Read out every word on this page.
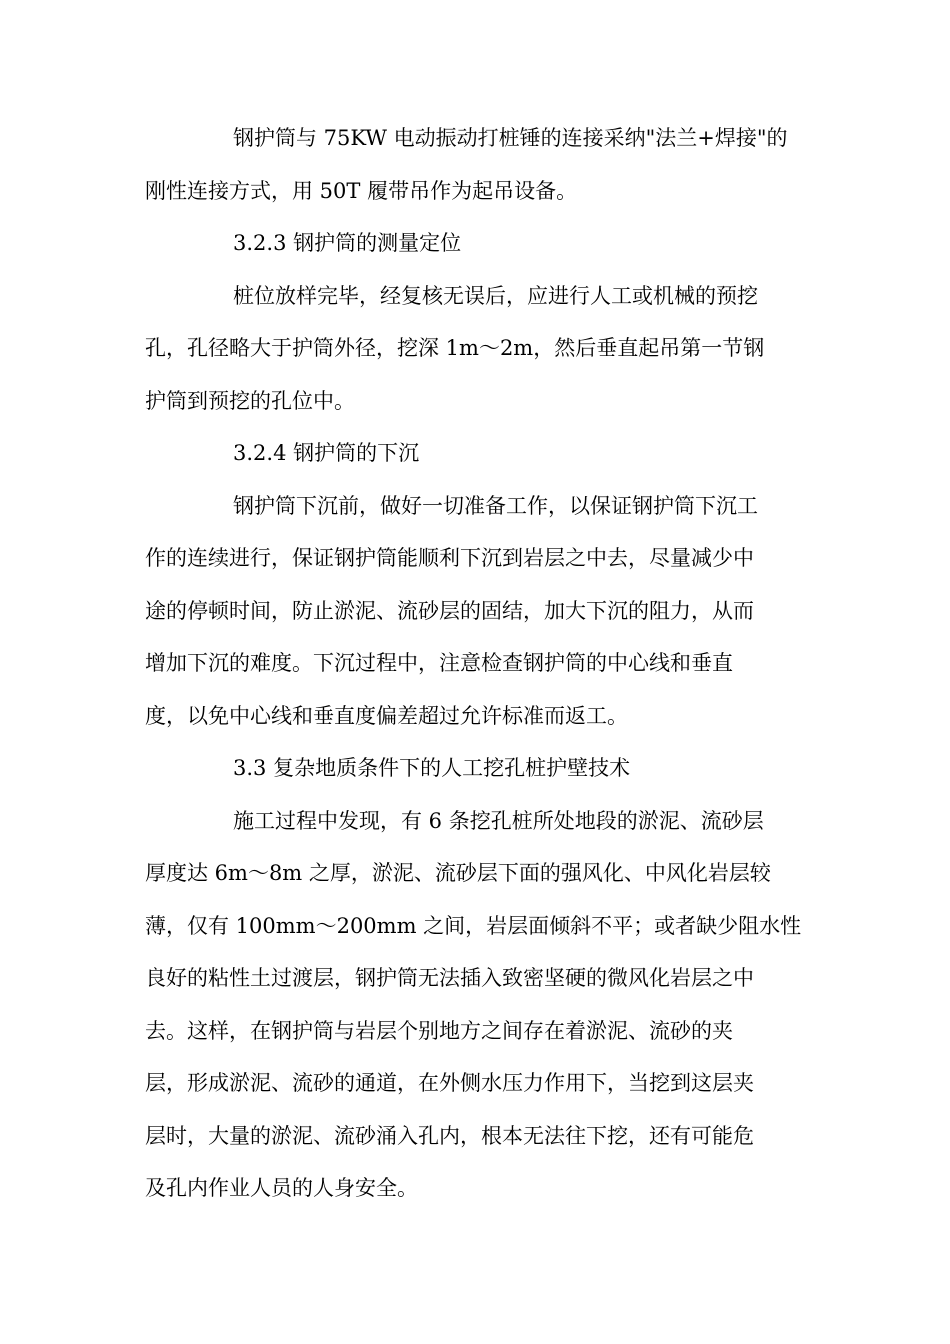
钢护筒与 75KW 电动振动打桩锤的连接采纳"法兰+焊接"的
刚性连接方式，用 50T 履带吊作为起吊设备。

3.2.3 钢护筒的测量定位

桩位放样完毕，经复核无误后，应进行人工或机械的预挖
孔，孔径略大于护筒外径，挖深 1m～2m，然后垂直起吊第一节钢
护筒到预挖的孔位中。

3.2.4 钢护筒的下沉

钢护筒下沉前，做好一切准备工作，以保证钢护筒下沉工
作的连续进行，保证钢护筒能顺利下沉到岩层之中去，尽量减少中
途的停顿时间，防止淤泥、流砂层的固结，加大下沉的阻力，从而
增加下沉的难度。下沉过程中，注意检查钢护筒的中心线和垂直
度，以免中心线和垂直度偏差超过允许标准而返工。

3.3 复杂地质条件下的人工挖孔桩护壁技术

施工过程中发现，有 6 条挖孔桩所处地段的淤泥、流砂层
厚度达 6m～8m 之厚，淤泥、流砂层下面的强风化、中风化岩层较
薄，仅有 100mm～200mm 之间，岩层面倾斜不平；或者缺少阻水性
良好的粘性土过渡层，钢护筒无法插入致密坚硬的微风化岩层之中
去。这样，在钢护筒与岩层个别地方之间存在着淤泥、流砂的夹
层，形成淤泥、流砂的通道，在外侧水压力作用下，当挖到这层夹
层时，大量的淤泥、流砂涌入孔内，根本无法往下挖，还有可能危
及孔内作业人员的人身安全。
